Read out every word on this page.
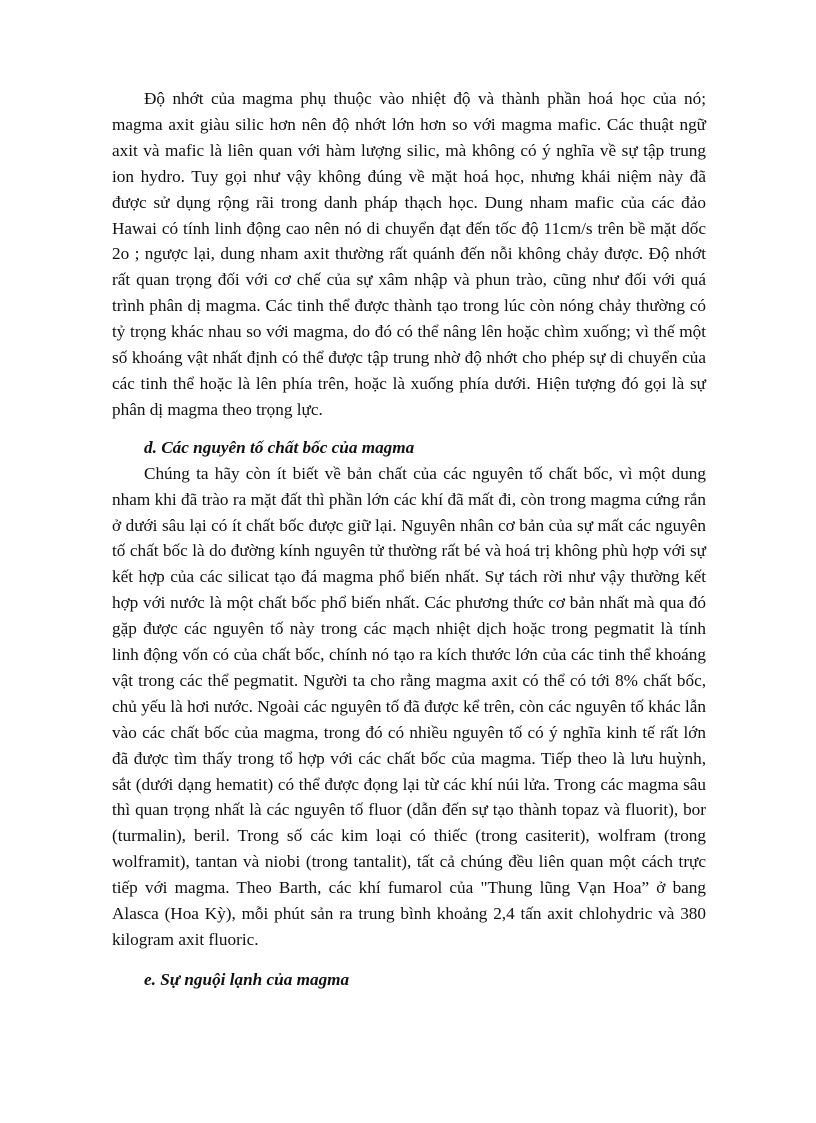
Độ nhớt của magma phụ thuộc vào nhiệt độ và thành phần hoá học của nó; magma axit giàu silic hơn nên độ nhớt lớn hơn so với magma mafic. Các thuật ngữ axit và mafic là liên quan với hàm lượng silic, mà không có ý nghĩa về sự tập trung ion hydro. Tuy gọi như vậy không đúng về mặt hoá học, nhưng khái niệm này đã được sử dụng rộng rãi trong danh pháp thạch học. Dung nham mafic của các đảo Hawai có tính linh động cao nên nó di chuyển đạt đến tốc độ 11cm/s trên bề mặt dốc 2o ; ngược lại, dung nham axit thường rất quánh đến nỗi không chảy được. Độ nhớt rất quan trọng đối với cơ chế của sự xâm nhập và phun trào, cũng như đối với quá trình phân dị magma. Các tinh thể được thành tạo trong lúc còn nóng chảy thường có tỷ trọng khác nhau so với magma, do đó có thể nâng lên hoặc chìm xuống; vì thế một số khoáng vật nhất định có thể được tập trung nhờ độ nhớt cho phép sự di chuyển của các tinh thể hoặc là lên phía trên, hoặc là xuống phía dưới. Hiện tượng đó gọi là sự phân dị magma theo trọng lực.

d. Các nguyên tố chất bốc của magma

Chúng ta hãy còn ít biết về bản chất của các nguyên tố chất bốc, vì một dung nham khi đã trào ra mặt đất thì phần lớn các khí đã mất đi, còn trong magma cứng rắn ở dưới sâu lại có ít chất bốc được giữ lại. Nguyên nhân cơ bản của sự mất các nguyên tố chất bốc là do đường kính nguyên tử thường rất bé và hoá trị không phù hợp với sự kết hợp của các silicat tạo đá magma phổ biến nhất. Sự tách rời như vậy thường kết hợp với nước là một chất bốc phổ biến nhất. Các phương thức cơ bản nhất mà qua đó gặp được các nguyên tố này trong các mạch nhiệt dịch hoặc trong pegmatit là tính linh động vốn có của chất bốc, chính nó tạo ra kích thước lớn của các tinh thể khoáng vật trong các thể pegmatit. Người ta cho rằng magma axit có thể có tới 8% chất bốc, chủ yếu là hơi nước. Ngoài các nguyên tố đã được kể trên, còn các nguyên tố khác lẫn vào các chất bốc của magma, trong đó có nhiều nguyên tố có ý nghĩa kinh tế rất lớn đã được tìm thấy trong tổ hợp với các chất bốc của magma. Tiếp theo là lưu huỳnh, sắt (dưới dạng hematit) có thể được đọng lại từ các khí núi lửa. Trong các magma sâu thì quan trọng nhất là các nguyên tố fluor (dẫn đến sự tạo thành topaz và fluorit), bor (turmalin), beril. Trong số các kim loại có thiếc (trong casiterit), wolfram (trong wolframit), tantan và niobi (trong tantalit), tất cả chúng đều liên quan một cách trực tiếp với magma. Theo Barth, các khí fumarol của "Thung lũng Vạn Hoa” ở bang Alasca (Hoa Kỳ), mỗi phút sản ra trung bình khoảng 2,4 tấn axit chlohydric và 380 kilogram axit fluoric.

e. Sự nguội lạnh của magma
